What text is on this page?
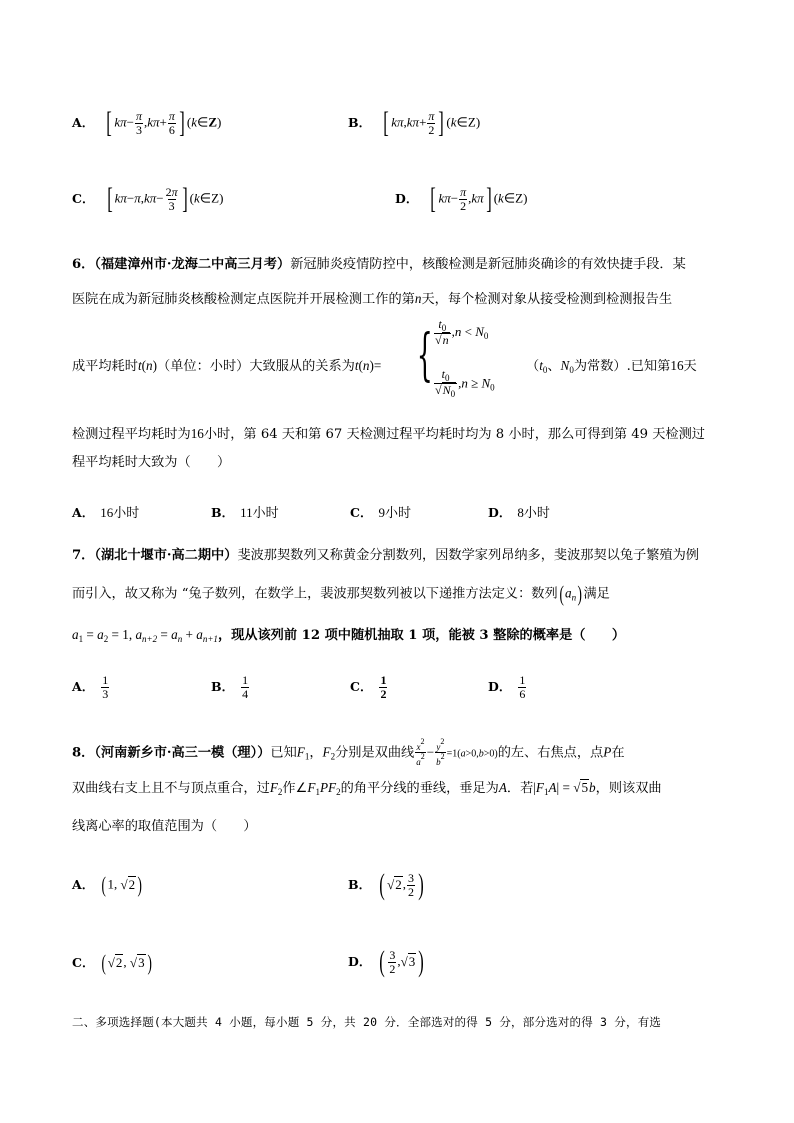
A． [ $k\pi- \frac{\pi}{3} ,k\pi+ \frac{\pi}{6}$ ] (k∈Z)	B． [ $k\pi,k\pi+ \frac{\pi}{2}$ ] (k∈Z)
C． [ $k\pi-\pi,k\pi- \frac{2\pi}{3}$ ] (k∈Z)	D． [ $k\pi- \frac{\pi}{2} ,k\pi$] (k∈Z)
6．（福建漳州市·龙海二中高三月考）新冠肺炎疫情防控中，核酸检测是新冠肺炎确诊的有效快捷手段．某
医院在成为新冠肺炎核酸检测定点医院并开展检测工作的第n天，每个检测对象从接受检测到检测报告生
成平均耗时t(n)（单位：小时）大致服从的关系为t(n)= { $\frac{t_0}{√n} ,n < N_0$
$\frac{t_0}{√N_0} ,n \ge N_0$
（$t_0$、$N_0$为常数）.已知第16天
检测过程平均耗时为16小时，第 64 天和第 67 天检测过程平均耗时均为 8 小时，那么可得到第 49 天检测过
程平均耗时大致为（　　）
A． 16小时	B． 11小时	C． 9小时	D． 8小时
7．（湖北十堰市·高二期中）斐波那契数列又称黄金分割数列，因数学家列昂纳多，斐波那契以兔子繁殖为例
而引入，故又称为 “兔子数列，在数学上，裴波那契数列被以下递推方法定义：数列$(a_n)$满足
$a_1 = a_2 = 1$, $a_{n+2} = a_n + a_{n+1}$，现从该列前 12 项中随机抽取 1 项，能被 3 整除的概率是（　　）
A． $\frac{1}{3}$	B． $\frac{1}{4}$	C． $\frac{1}{2}$	D． $\frac{1}{6}$
8．（河南新乡市·高三一模（理））已知$F_1$，$F_2$分别是双曲线 $\frac{x2}{a2} - \frac{y2}{b2} =1(a>0,b>0)$的左、右焦点，点P在
双曲线右支上且不与顶点重合，过$F_2$作$\angle F_1PF_2$的角平分线的垂线，垂足为A．若$|F_1A| = √5b$，则该双曲
线离心率的取值范围为（　　）
A． (1, √2 )	B． ( √2, $\frac{3}{2}$ )
C． (√2, √3 )	D． ( $\frac{3}{2} ,√3$ )
二、多项选择题(本大题共 4 小题，每小题 5 分，共 20 分．全部选对的得 5 分，部分选对的得 3 分，有选
